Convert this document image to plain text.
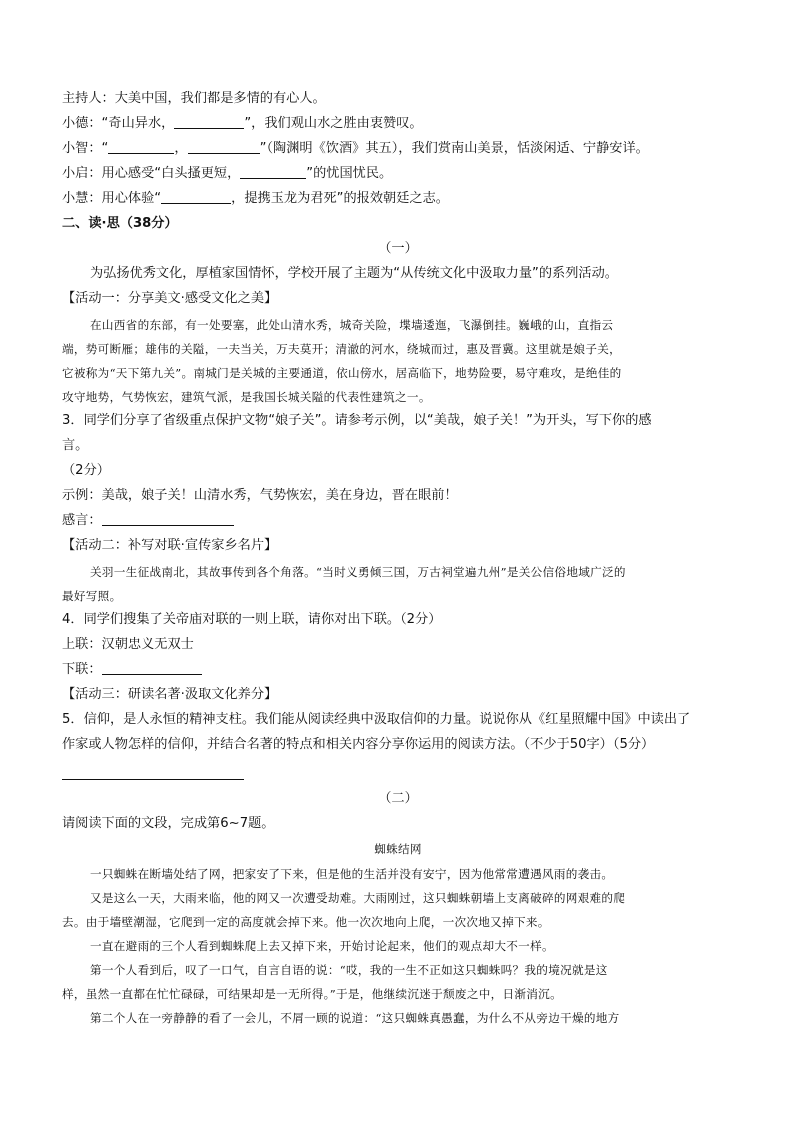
主持人：大美中国，我们都是多情的有心人。
小德：“奇山异水，	”，我们观山水之胜由衷赞叹。
小智：“	，	”（陶渊明《饮酒》其五），我们赏南山美景，恬淡闲适、宁静安详。
小启：用心感受“白头搔更短，	”的忧国忧民。
小慧：用心体验“	，提携玉龙为君死”的报效朝廷之志。
二、读·思（38分）
（一）
为弘扬优秀文化，厚植家国情怀，学校开展了主题为“从传统文化中汲取力量”的系列活动。
【活动一：分享美文·感受文化之美】
在山西省的东部，有一处要塞，此处山清水秀，城奇关险，堞墙逶迤，飞瀑倒挂。巍峨的山，直指云
端，势可断雁；雄伟的关隘，一夫当关，万夫莫开；清澈的河水，绕城而过，惠及晋冀。这里就是娘子关，
它被称为“天下第九关”。南城门是关城的主要通道，依山傍水，居高临下，地势险要，易守难攻，是绝佳的
攻守地势，气势恢宏，建筑气派，是我国长城关隘的代表性建筑之一。
3．同学们分享了省级重点保护文物“娘子关”。请参考示例，以“美哉，娘子关！”为开头，写下你的感
言。
（2分）
示例：美哉，娘子关！山清水秀，气势恢宏，美在身边，晋在眼前！
感言：
【活动二：补写对联·宣传家乡名片】
关羽一生征战南北，其故事传到各个角落。“当时义勇倾三国，万古祠堂遍九州”是关公信俗地域广泛的
最好写照。
4．同学们搜集了关帝庙对联的一则上联，请你对出下联。（2分）
上联：汉朝忠义无双士
下联：
【活动三：研读名著·汲取文化养分】
5．信仰，是人永恒的精神支柱。我们能从阅读经典中汲取信仰的力量。说说你从《红星照耀中国》中读出了
作家或人物怎样的信仰，并结合名著的特点和相关内容分享你运用的阅读方法。（不少于50字）（5分）
（二）
请阅读下面的文段，完成第6~7题。
蜘蛛结网
一只蜘蛛在断墙处结了网，把家安了下来，但是他的生活并没有安宁，因为他常常遭遇风雨的袭击。
又是这么一天，大雨来临，他的网又一次遭受劫难。大雨刚过，这只蜘蛛朝墙上支离破碎的网艰难的爬
去。由于墙壁潮湿，它爬到一定的高度就会掉下来。他一次次地向上爬，一次次地又掉下来。
一直在避雨的三个人看到蜘蛛爬上去又掉下来，开始讨论起来，他们的观点却大不一样。
第一个人看到后，叹了一口气，自言自语的说：“哎，我的一生不正如这只蜘蛛吗？我的境况就是这
样，虽然一直都在忙忙碌碌，可结果却是一无所得。”于是，他继续沉迷于颓废之中，日渐消沉。
第二个人在一旁静静的看了一会儿，不屑一顾的说道：“这只蜘蛛真愚蠢，为什么不从旁边干燥的地方
